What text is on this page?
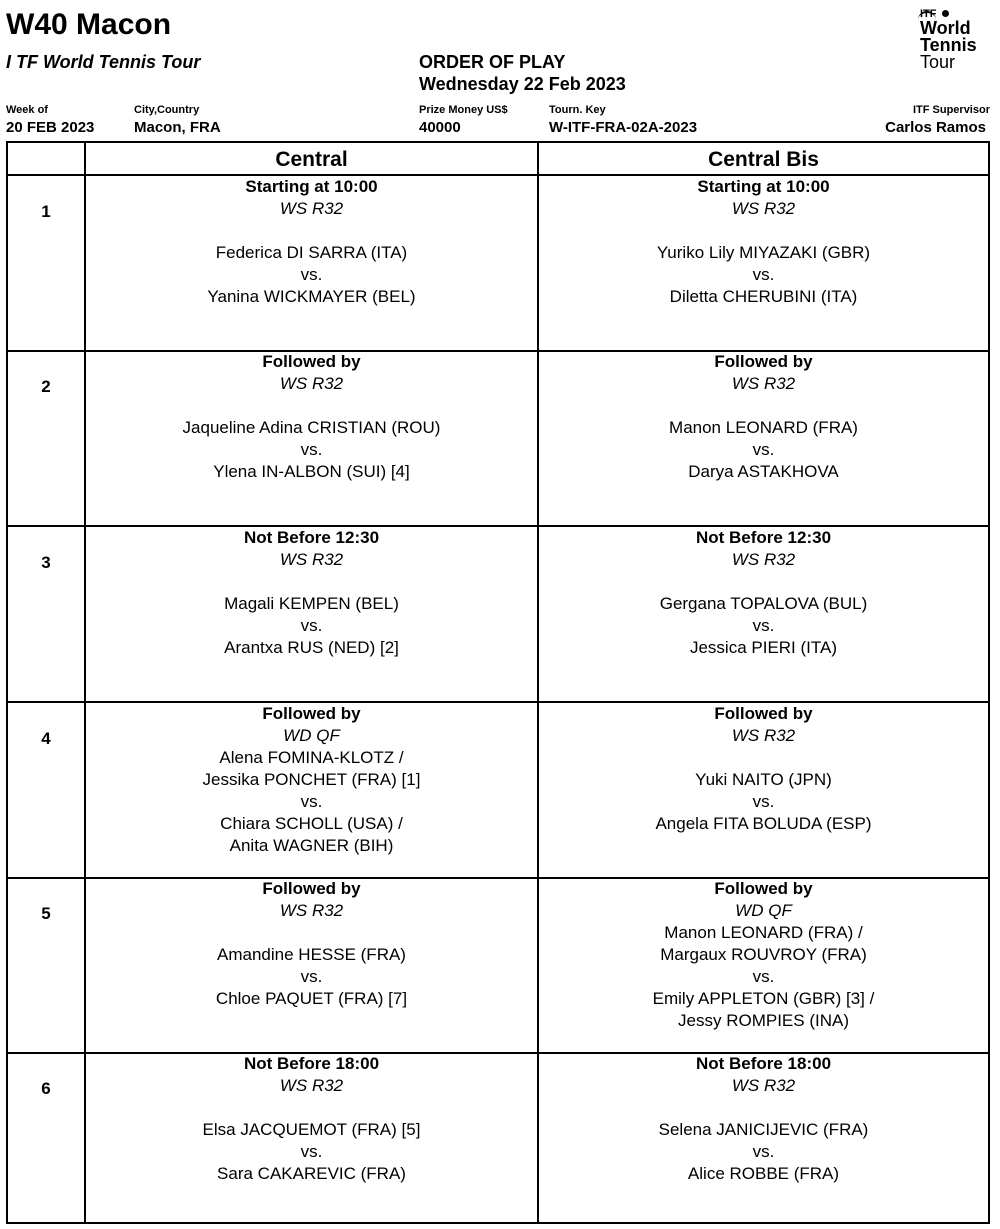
W40 Macon
I TF World Tennis Tour	ORDER OF PLAY
Wednesday 22 Feb 2023
ITF
World
Tennis
Tour
Week of
20 FEB 2023
City,Country
Macon, FRA
Prize Money US$
40000
Tourn. Key
W-ITF-FRA-02A-2023
ITF Supervisor
Carlos Ramos
Central	Central Bis
1
Starting at 10:00
WS R32
Federica DI SARRA (ITA)
vs.
Yanina WICKMAYER (BEL)
Starting at 10:00
WS R32
Yuriko Lily MIYAZAKI (GBR)
vs.
Diletta CHERUBINI (ITA)
2
Followed by
WS R32
Jaqueline Adina CRISTIAN (ROU)
vs.
Ylena IN-ALBON (SUI) [4]
Followed by
WS R32
Manon LEONARD (FRA)
vs.
Darya ASTAKHOVA
3
Not Before 12:30
WS R32
Magali KEMPEN (BEL)
vs.
Arantxa RUS (NED) [2]
Not Before 12:30
WS R32
Gergana TOPALOVA (BUL)
vs.
Jessica PIERI (ITA)
4
Followed by
WD QF
Alena FOMINA-KLOTZ /
Jessika PONCHET (FRA) [1]
vs.
Chiara SCHOLL (USA) /
Anita WAGNER (BIH)
Followed by
WS R32
Yuki NAITO (JPN)
vs.
Angela FITA BOLUDA (ESP)
5
Followed by
WS R32
Amandine HESSE (FRA)
vs.
Chloe PAQUET (FRA) [7]
Followed by
WD QF
Manon LEONARD (FRA) /
Margaux ROUVROY (FRA)
vs.
Emily APPLETON (GBR) [3] /
Jessy ROMPIES (INA)
6
Not Before 18:00
WS R32
Elsa JACQUEMOT (FRA) [5]
vs.
Sara CAKAREVIC (FRA)
Not Before 18:00
WS R32
Selena JANICIJEVIC (FRA)
vs.
Alice ROBBE (FRA)
